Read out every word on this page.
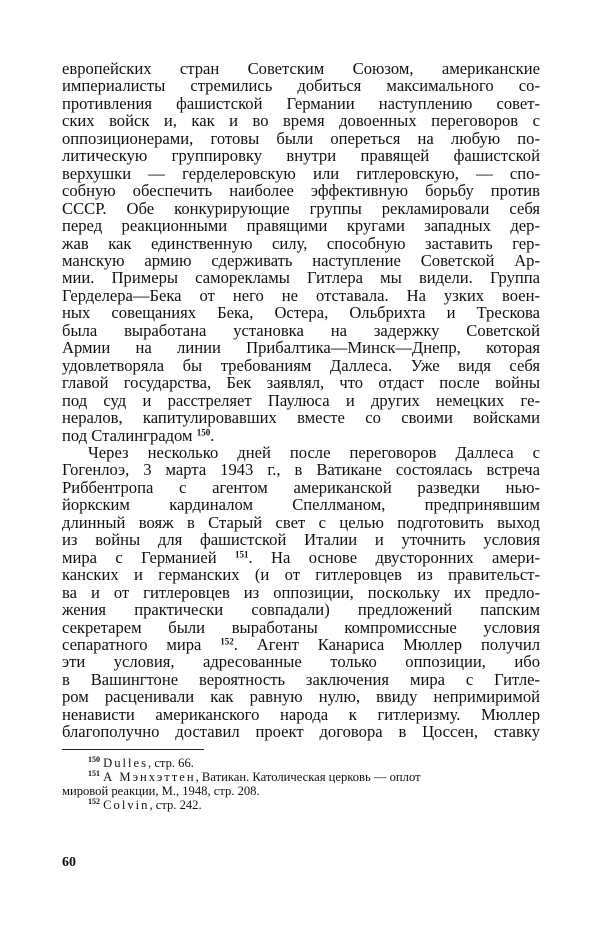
европейских стран Советским Союзом, американские

империалисты стремились добиться максимального со-

противления фашистской Германии наступлению совет-

ских войск и, как и во время довоенных переговоров с

оппозиционерами, готовы были опереться на любую по-

литическую группировку внутри правящей фашистской

верхушки — герделеровскую или гитлеровскую, — спо-

собную обеспечить наиболее эффективную борьбу против

СССР. Обе конкурирующие группы рекламировали себя

перед реакционными правящими кругами западных дер-

жав как единственную силу, способную заставить гер-

манскую армию сдерживать наступление Советской Ар-

мии. Примеры саморекламы Гитлера мы видели. Группа

Герделера—Бека от него не отставала. На узких воен-

ных совещаниях Бека, Остера, Ольбрихта и Трескова

была выработана установка на задержку Советской

Армии на линии Прибалтика—Минск—Днепр, которая

удовлетворяла бы требованиям Даллеса. Уже видя себя

главой государства, Бек заявлял, что отдаст после войны

под суд и расстреляет Паулюса и других немецких ге-

нералов, капитулировавших вместе со своими войсками

под Сталинградом $^{150}$.

Через несколько дней после переговоров Даллеса с

Гогенлоэ, 3 марта 1943 г., в Ватикане состоялась встреча

Риббентропа с агентом американской разведки нью-

йоркским кардиналом Спеллманом, предпринявшим

длинный вояж в Старый свет с целью подготовить выход

из войны для фашистской Италии и уточнить условия

мира с Германией $^{151}$. На основе двусторонних амери-

канских и германских (и от гитлеровцев из правительст-

ва и от гитлеровцев из оппозиции, поскольку их предло-

жения практически совпадали) предложений папским

секретарем были выработаны компромиссные условия

сепаратного мира $^{152}$. Агент Канариса Мюллер получил

эти условия, адресованные только оппозиции, ибо

в Вашингтоне вероятность заключения мира с Гитле-

ром расценивали как равную нулю, ввиду непримиримой

ненависти американского народа к гитлеризму. Мюллер

благополучно доставил проект договора в Цоссен, ставку

$^{150}$ Dulles, стр. 66.

$^{151}$ А Мэнхэттен, Ватикан. Католическая церковь — оплот

мировой реакции, М., 1948, стр. 208.

$^{152}$ Colvin, стр. 242.

60
